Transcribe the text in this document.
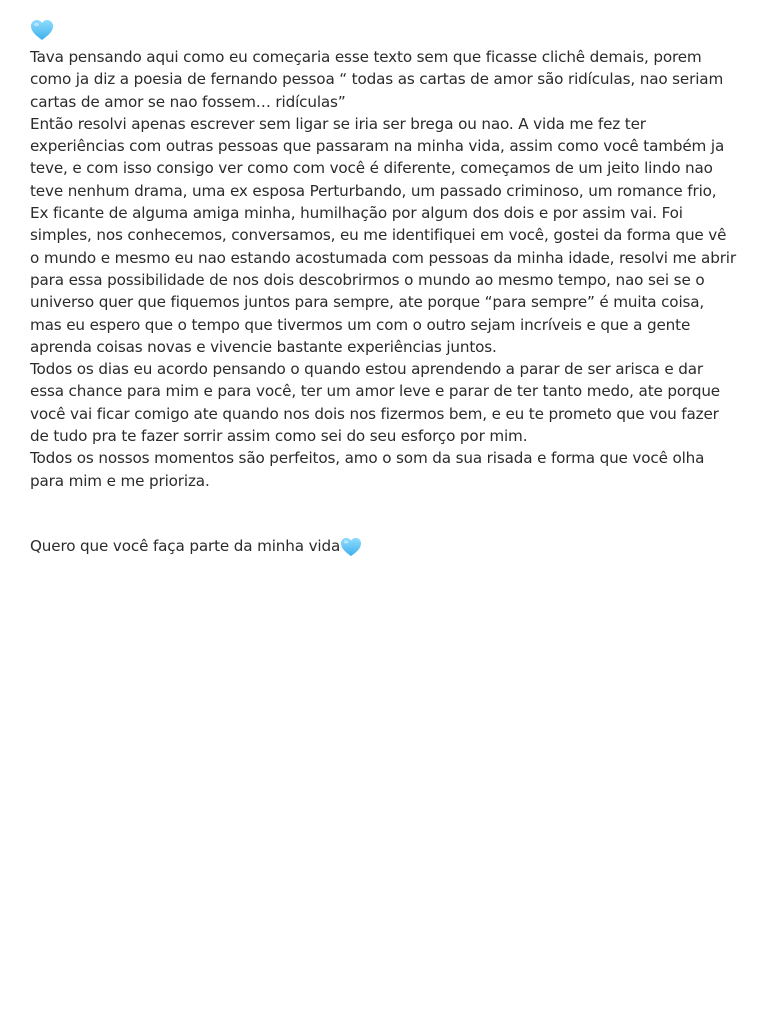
Tava pensando aqui como eu começaria esse texto sem que ficasse clichê demais, porem como ja diz a poesia de fernando pessoa “ todas as cartas de amor são ridículas, nao seriam cartas de amor se nao fossem… ridículas”
Então resolvi apenas escrever sem ligar se iria ser brega ou nao. A vida me fez ter experiências com outras pessoas que passaram na minha vida, assim como você também ja teve, e com isso consigo ver como com você é diferente, começamos de um jeito lindo nao teve nenhum drama, uma ex esposa Perturbando, um passado criminoso, um romance frio,
Ex ficante de alguma amiga minha, humilhação por algum dos dois e por assim vai. Foi simples, nos conhecemos, conversamos, eu me identifiquei em você, gostei da forma que vê o mundo e mesmo eu nao estando acostumada com pessoas da minha idade, resolvi me abrir para essa possibilidade de nos dois descobrirmos o mundo ao mesmo tempo, nao sei se o universo quer que fiquemos juntos para sempre, ate porque “para sempre” é muita coisa, mas eu espero que o tempo que tivermos um com o outro sejam incríveis e que a gente aprenda coisas novas e vivencie bastante experiências juntos.
Todos os dias eu acordo pensando o quando estou aprendendo a parar de ser arisca e dar essa chance para mim e para você, ter um amor leve e parar de ter tanto medo, ate porque você vai ficar comigo ate quando nos dois nos fizermos bem, e eu te prometo que vou fazer de tudo pra te fazer sorrir assim como sei do seu esforço por mim.
Todos os nossos momentos são perfeitos, amo o som da sua risada e forma que você olha para mim e me prioriza.
Quero que você faça parte da minha vida
